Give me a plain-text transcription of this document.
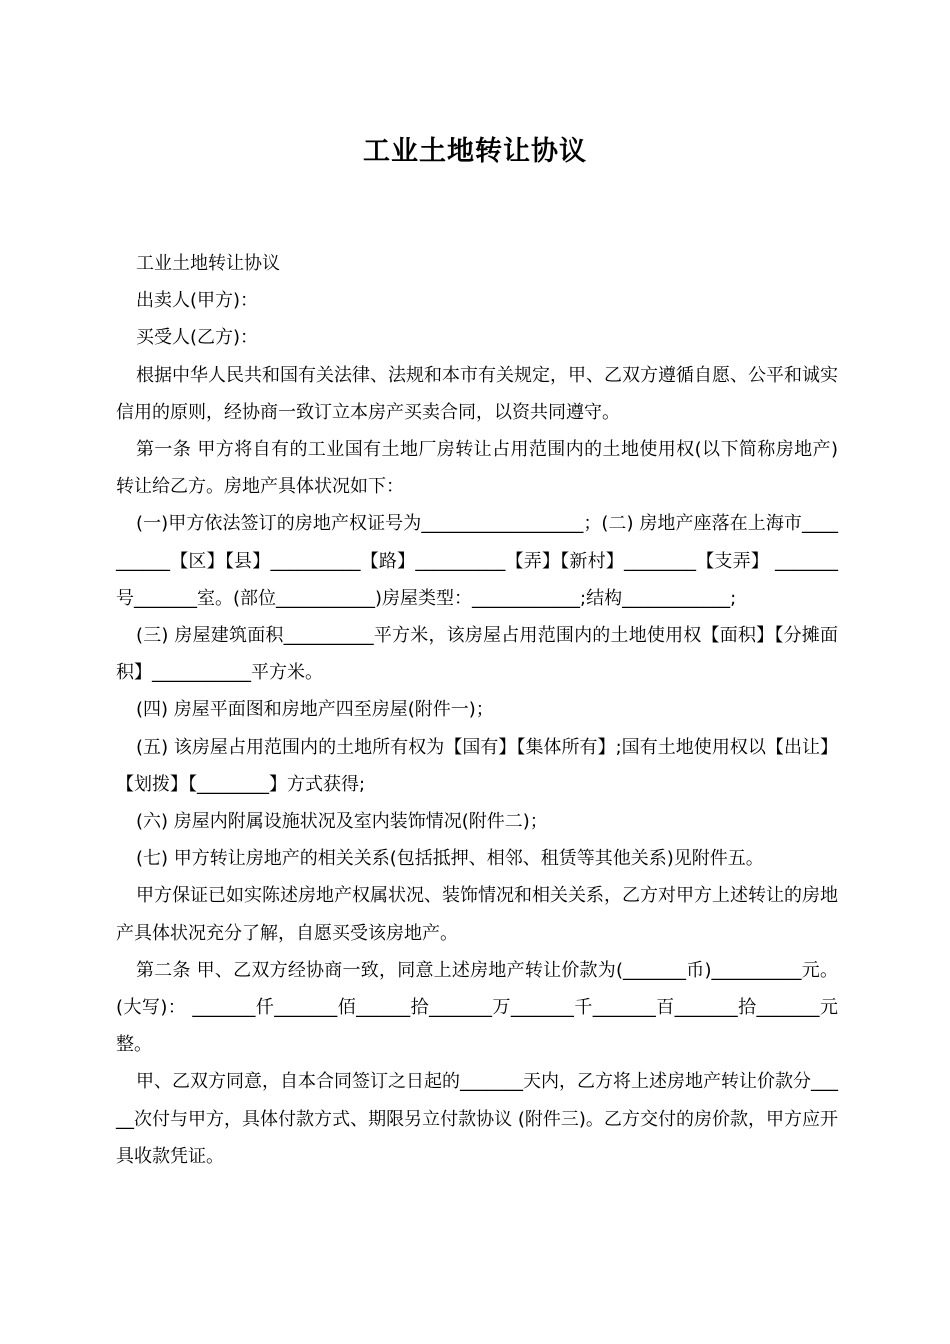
工业土地转让协议

工业土地转让协议

出卖人(甲方)：

买受人(乙方)：

根据中华人民共和国有关法律、法规和本市有关规定，甲、乙双方遵循自愿、公平和诚实信用的原则，经协商一致订立本房产买卖合同，以资共同遵守。

第一条 甲方将自有的工业国有土地厂房转让占用范围内的土地使用权(以下简称房地产)转让给乙方。房地产具体状况如下：

(一)甲方依法签订的房地产权证号为__________________；(二) 房地产座落在上海市__________【区】【县】__________【路】__________【弄】【新村】________【支弄】 _______号_______室。(部位___________)房屋类型：____________;结构____________;

(三) 房屋建筑面积__________平方米，该房屋占用范围内的土地使用权【面积】【分摊面积】___________平方米。

(四) 房屋平面图和房地产四至房屋(附件一)；

(五) 该房屋占用范围内的土地所有权为【国有】【集体所有】;国有土地使用权以【出让】【划拨】【________】方式获得;

(六) 房屋内附属设施状况及室内装饰情况(附件二)；

(七) 甲方转让房地产的相关关系(包括抵押、相邻、租赁等其他关系)见附件五。

甲方保证已如实陈述房地产权属状况、装饰情况和相关关系，乙方对甲方上述转让的房地产具体状况充分了解，自愿买受该房地产。

第二条 甲、乙双方经协商一致，同意上述房地产转让价款为(_______币)__________元。(大写)： _______仟_______佰______拾_______万_______千_______百_______拾_______元整。

甲、乙双方同意，自本合同签订之日起的_______天内，乙方将上述房地产转让价款分_____次付与甲方，具体付款方式、期限另立付款协议 (附件三)。乙方交付的房价款，甲方应开具收款凭证。
